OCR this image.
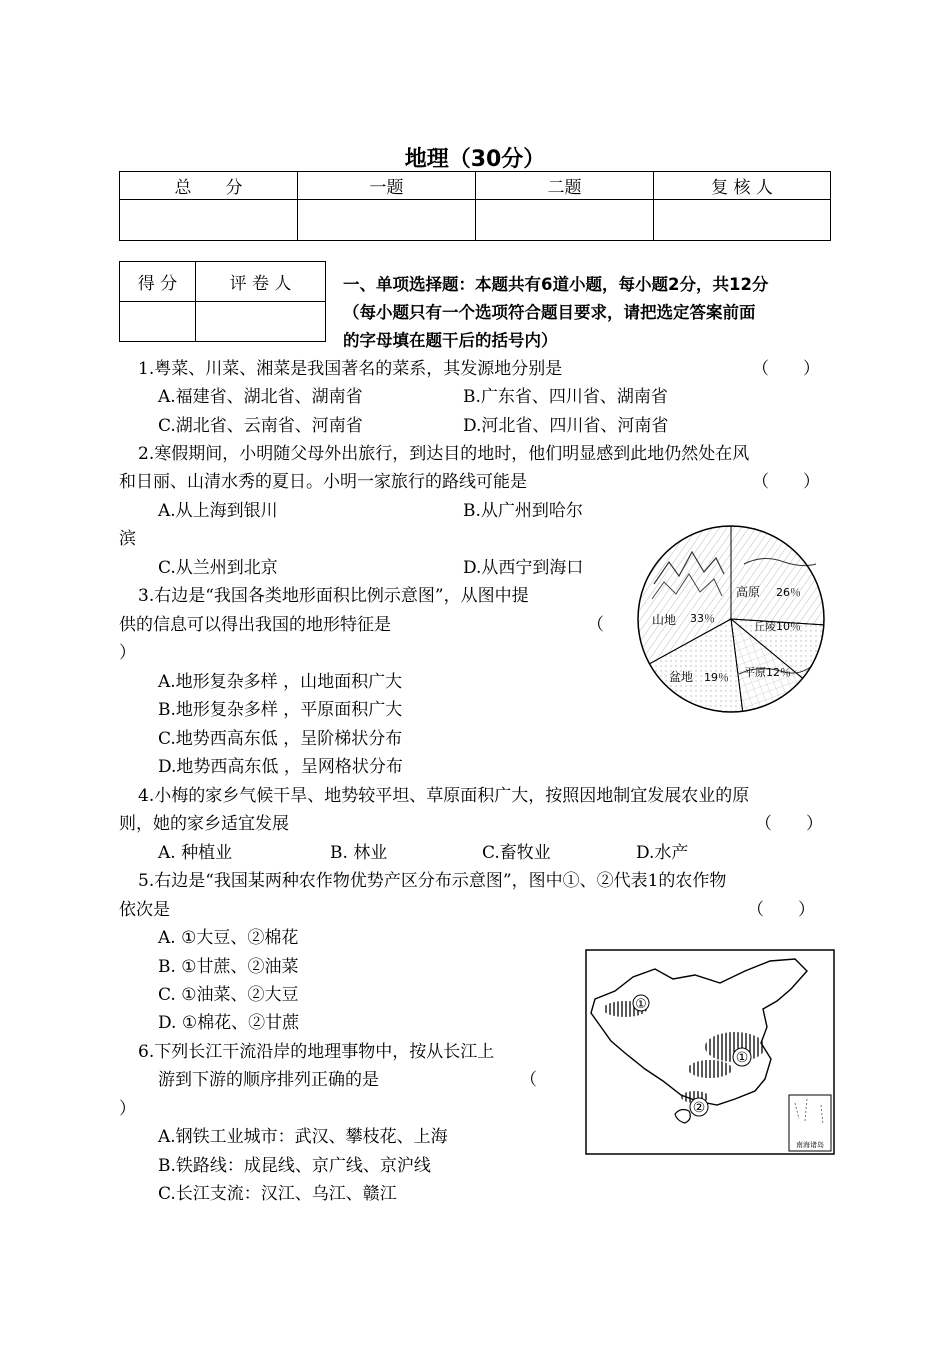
地理（30分）
总　　分	一题	二题	复 核 人

得 分	评 卷 人
		一、单项选择题：本题共有6道小题，每小题2分，共12分
（每小题只有一个选项符合题目要求，请把选定答案前面
的字母填在题干后的括号内）
1.粤菜、川菜、湘菜是我国著名的菜系，其发源地分别是	（　　）
A.福建省、湖北省、湖南省	B.广东省、四川省、湖南省
C.湖北省、云南省、河南省	D.河北省、四川省、河南省
2.寒假期间，小明随父母外出旅行，到达目的地时，他们明显感到此地仍然处在风
和日丽、山清水秀的夏日。小明一家旅行的路线可能是	（　　）
A.从上海到银川	B.从广州到哈尔
滨
C.从兰州到北京	D.从西宁到海口
3.右边是“我国各类地形面积比例示意图”，从图中提
供的信息可以得出我国的地形特征是	（
）
A.地形复杂多样 ，山地面积广大
B.地形复杂多样 ，平原面积广大
C.地势西高东低 ，呈阶梯状分布
D.地势西高东低 ，呈网格状分布
高原 26％
山地 33％
丘陵10％
盆地 19％ 平原12％
4.小梅的家乡气候干旱、地势较平坦、草原面积广大，按照因地制宜发展农业的原
则，她的家乡适宜发展	（　　）
A. 种植业	B. 林业	C.畜牧业	D.水产
5.右边是“我国某两种农作物优势产区分布示意图”，图中①、②代表1的农作物
依次是	（　　）
A. ①大豆、②棉花
B. ①甘蔗、②油菜
C. ①油菜、②大豆
D. ①棉花、②甘蔗
①
①
②
南海诸岛
6.下列长江干流沿岸的地理事物中，按从长江上
游到下游的顺序排列正确的是	（
）
A.钢铁工业城市：武汉、攀枝花、上海
B.铁路线：成昆线、京广线、京沪线
C.长江支流：汉江、乌江、赣江
